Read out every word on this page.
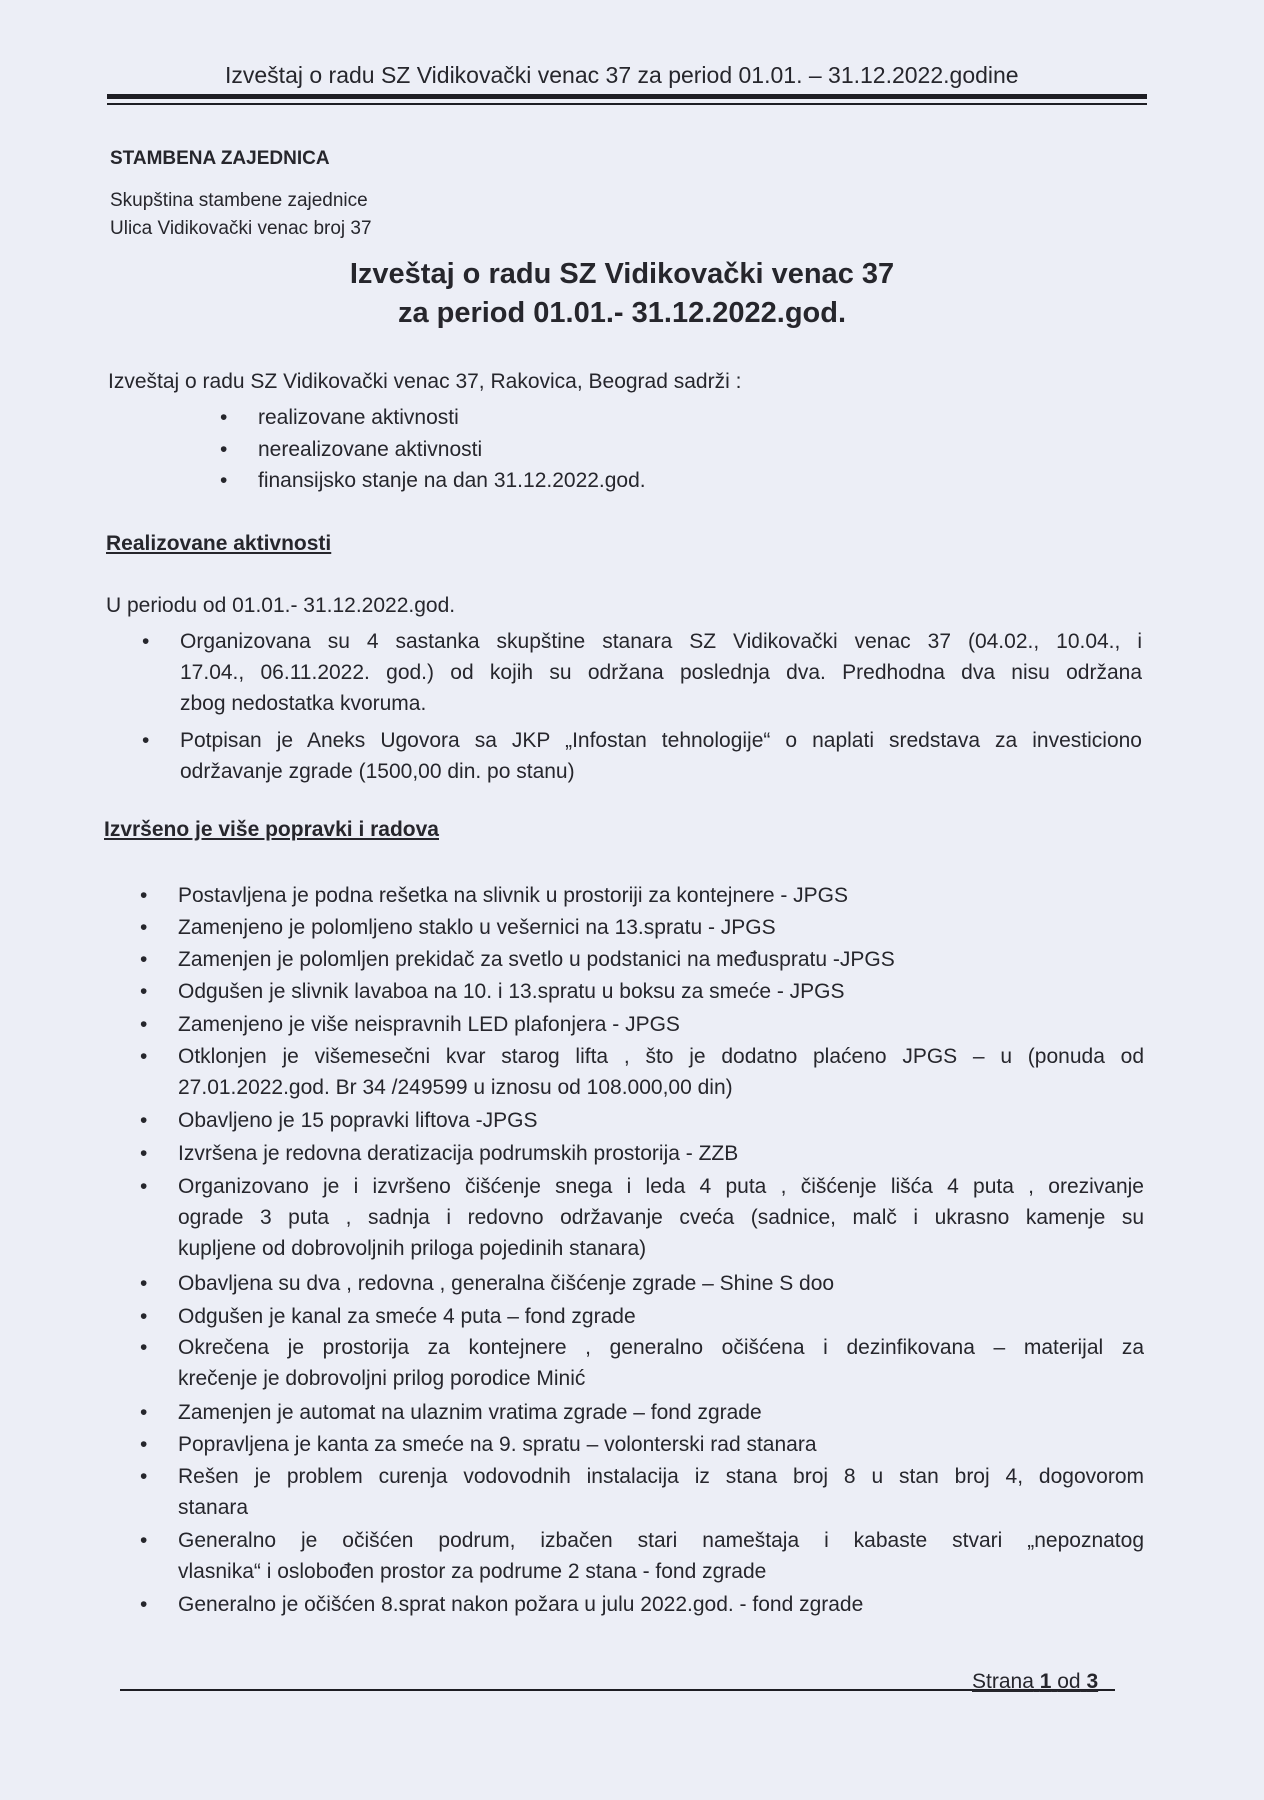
Izveštaj o radu SZ Vidikovački venac 37 za period 01.01. – 31.12.2022.godine
STAMBENA ZAJEDNICA
Skupština stambene zajednice
Ulica Vidikovački venac broj 37
Izveštaj o radu SZ Vidikovački venac 37
za period 01.01.- 31.12.2022.god.
Izveštaj o radu SZ Vidikovački venac 37, Rakovica, Beograd sadrži :
• realizovane aktivnosti
• nerealizovane aktivnosti
• finansijsko stanje na dan 31.12.2022.god.
Realizovane aktivnosti
U periodu od 01.01.- 31.12.2022.god.
• Organizovana su 4 sastanka skupštine stanara SZ Vidikovački venac 37 (04.02., 10.04., i
17.04., 06.11.2022. god.) od kojih su održana poslednja dva. Predhodna dva nisu održana
zbog nedostatka kvoruma.
• Potpisan je Aneks Ugovora sa JKP „Infostan tehnologije“ o naplati sredstava za investiciono
održavanje zgrade (1500,00 din. po stanu)
Izvršeno je više popravki i radova
• Postavljena je podna rešetka na slivnik u prostoriji za kontejnere - JPGS
• Zamenjeno je polomljeno staklo u vešernici na 13.spratu - JPGS
• Zamenjen je polomljen prekidač za svetlo u podstanici na međuspratu -JPGS
• Odgušen je slivnik lavaboa na 10. i 13.spratu u boksu za smeće - JPGS
• Zamenjeno je više neispravnih LED plafonjera - JPGS
• Otklonjen je višemesečni kvar starog lifta , što je dodatno plaćeno JPGS – u (ponuda od
27.01.2022.god. Br 34 /249599 u iznosu od 108.000,00 din)
• Obavljeno je 15 popravki liftova -JPGS
• Izvršena je redovna deratizacija podrumskih prostorija - ZZB
• Organizovano je i izvršeno čišćenje snega i leda 4 puta , čišćenje lišća 4 puta , orezivanje
ograde 3 puta , sadnja i redovno održavanje cveća (sadnice, malč i ukrasno kamenje su
kupljene od dobrovoljnih priloga pojedinih stanara)
• Obavljena su dva , redovna , generalna čišćenje zgrade – Shine S doo
• Odgušen je kanal za smeće 4 puta – fond zgrade
• Okrečena je prostorija za kontejnere , generalno očišćena i dezinfikovana – materijal za
krečenje je dobrovoljni prilog porodice Minić
• Zamenjen je automat na ulaznim vratima zgrade – fond zgrade
• Popravljena je kanta za smeće na 9. spratu – volonterski rad stanara
• Rešen je problem curenja vodovodnih instalacija iz stana broj 8 u stan broj 4, dogovorom
stanara
• Generalno je očišćen podrum, izbačen stari nameštaja i kabaste stvari „nepoznatog
vlasnika“ i oslobođen prostor za podrume 2 stana - fond zgrade
• Generalno je očišćen 8.sprat nakon požara u julu 2022.god. - fond zgrade
Strana 1 od 3
